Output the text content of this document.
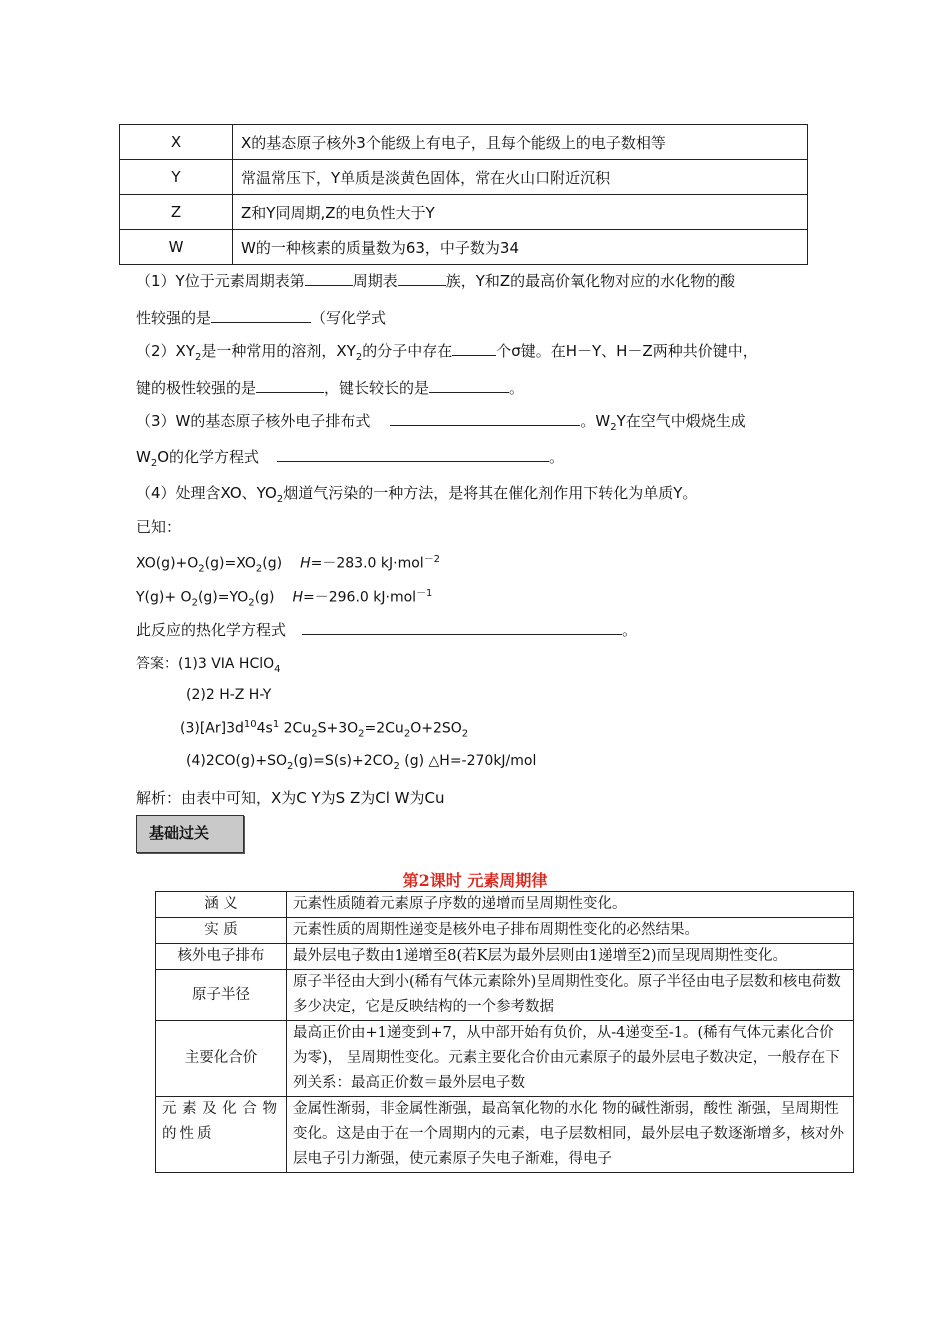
X	X的基态原子核外3个能级上有电子，且每个能级上的电子数相等
Y	常温常压下，Y单质是淡黄色固体，常在火山口附近沉积
Z	Z和Y同周期,Z的电负性大于Y
W	W的一种核素的质量数为63，中子数为34
（1）Y位于元素周期表第	周期表	族，Y和Z的最高价氧化物对应的水化物的酸
性较强的是	（写化学式
$(2)XY_2$是一种常用的溶剂，$XY_2$的分子中存在	个σ键。在H－Y、H－Z两种共价键中，
键的极性较强的是	，键长较长的是	。
（3）W的基态原子核外电子排布式	。$W_2Y$在空气中煅烧生成
$W_2O$的化学方程式	。
（4）处理含XO、$YO_2$烟道气污染的一种方法，是将其在催化剂作用下转化为单质Y。
已知：
$XO(g)+O_2(g)=XO_2(g)$ H=－283.0 kJ·mol$^{-2}$
$Y(g)+ O_2(g)=YO_2(g)$ H=－296.0 kJ·mol$^{-1}$
此反应的热化学方程式	。
答案：(1)3 VIA HClO$_4$
(2)2 H-Z H-Y
$(3)[Ar]3d^{10}4s^1$ $2Cu_2S+3O_2=2Cu_2O+2SO_2$
$(4)2CO(g)+SO_2(g)=S(s)+2CO_2$ (g) △H=-270kJ/mol
解析：由表中可知，X为C Y为S Z为Cl W为Cu
基础过关
第2课时 元素周期律
涵 义	元素性质随着元素原子序数的递增而呈周期性变化。
实 质	元素性质的周期性递变是核外电子排布周期性变化的必然结果。
核外电子排布	最外层电子数由1递增至8(若K层为最外层则由1递增至2)而呈现周期性变化。
原子半径	原子半径由大到小(稀有气体元素除外)呈周期性变化。原子半径由电子层数和核电荷数多少决定，它是反映结构的一个参考数据
主要化合价	最高正价由+1递变到+7，从中部开始有负价，从-4递变至-1。(稀有气体元素化合价为零)， 呈周期性变化。元素主要化合价由元素原子的最外层电子数决定，一般存在下列关系：最高正价数＝最外层电子数
元素及化合物的性质	金属性渐弱，非金属性渐强，最高氧化物的水化 物的碱性渐弱，酸性 渐强，呈周期性变化。这是由于在一个周期内的元素，电子层数相同，最外层电子数逐渐增多，核对外层电子引力渐强，使元素原子失电子渐难，得电子
